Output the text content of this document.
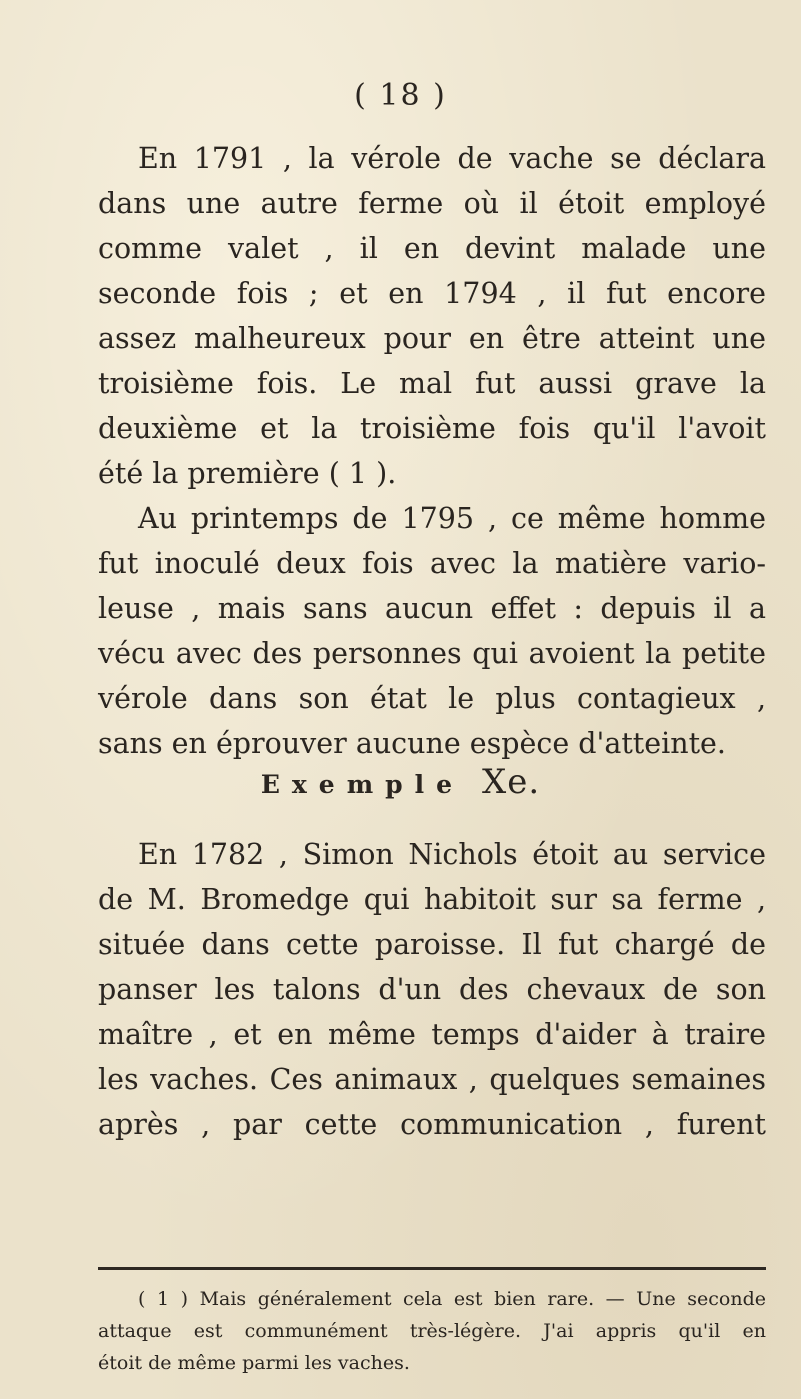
( 18 )
En 1791 , la vérole de vache se déclara
dans une autre ferme où il étoit employé
comme valet , il en devint malade une
seconde fois ; et en 1794 , il fut encore
assez malheureux pour en être atteint une
troisième fois. Le mal fut aussi grave la
deuxième et la troisième fois qu'il l'avoit
été la première ( 1 ).
Au printemps de 1795 , ce même homme
fut inoculé deux fois avec la matière vario-
leuse , mais sans aucun effet : depuis il a
vécu avec des personnes qui avoient la petite
vérole dans son état le plus contagieux ,
sans en éprouver aucune espèce d'atteinte.
Exemple Xe.
En 1782 , Simon Nichols étoit au service
de M. Bromedge qui habitoit sur sa ferme ,
située dans cette paroisse. Il fut chargé de
panser les talons d'un des chevaux de son
maître , et en même temps d'aider à traire
les vaches. Ces animaux , quelques semaines
après , par cette communication , furent
( 1 ) Mais généralement cela est bien rare. — Une seconde
attaque est communément très-légère. J'ai appris qu'il en
étoit de même parmi les vaches.
